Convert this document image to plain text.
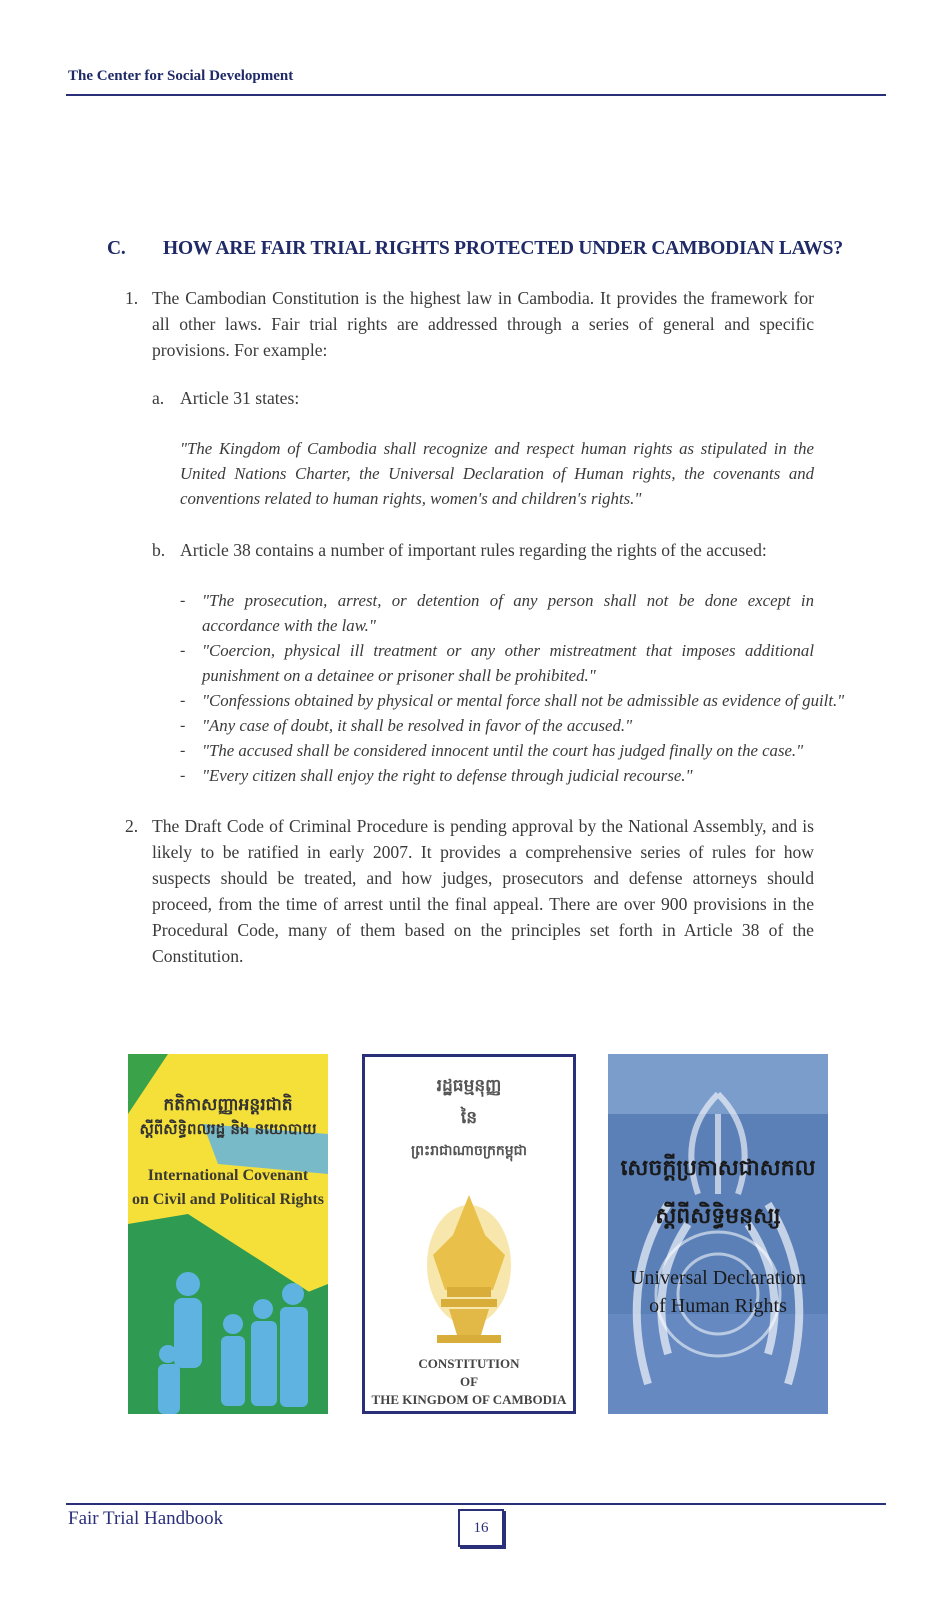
The Center for Social Development
C. HOW ARE FAIR TRIAL RIGHTS PROTECTED UNDER CAMBODIAN LAWS?
1. The Cambodian Constitution is the highest law in Cambodia. It provides the framework for all other laws. Fair trial rights are addressed through a series of general and specific provisions. For example:
a. Article 31 states:
"The Kingdom of Cambodia shall recognize and respect human rights as stipulated in the United Nations Charter, the Universal Declaration of Human rights, the covenants and conventions related to human rights, women's and children's rights."
b. Article 38 contains a number of important rules regarding the rights of the accused:
- "The prosecution, arrest, or detention of any person shall not be done except in accordance with the law."
- "Coercion, physical ill treatment or any other mistreatment that imposes additional punishment on a detainee or prisoner shall be prohibited."
- "Confessions obtained by physical or mental force shall not be admissible as evidence of guilt."
- "Any case of doubt, it shall be resolved in favor of the accused."
- "The accused shall be considered innocent until the court has judged finally on the case."
- "Every citizen shall enjoy the right to defense through judicial recourse."
2. The Draft Code of Criminal Procedure is pending approval by the National Assembly, and is likely to be ratified in early 2007. It provides a comprehensive series of rules for how suspects should be treated, and how judges, prosecutors and defense attorneys should proceed, from the time of arrest until the final appeal. There are over 900 provisions in the Procedural Code, many of them based on the principles set forth in Article 38 of the Constitution.
កតិកាសញ្ញាអន្តរជាតិ
ស្តីពីសិទ្ធិពលរដ្ឋ និង នយោបាយ
International Covenant
on Civil and Political Rights
រដ្ឋធម្មនុញ្ញ
នៃ
ព្រះរាជាណាចក្រកម្ពុជា
CONSTITUTION
OF
THE KINGDOM OF CAMBODIA
សេចក្តីប្រកាសជាសកល
ស្តីពីសិទ្ធិមនុស្ស
Universal Declaration
of Human Rights
Fair Trial Handbook	16
